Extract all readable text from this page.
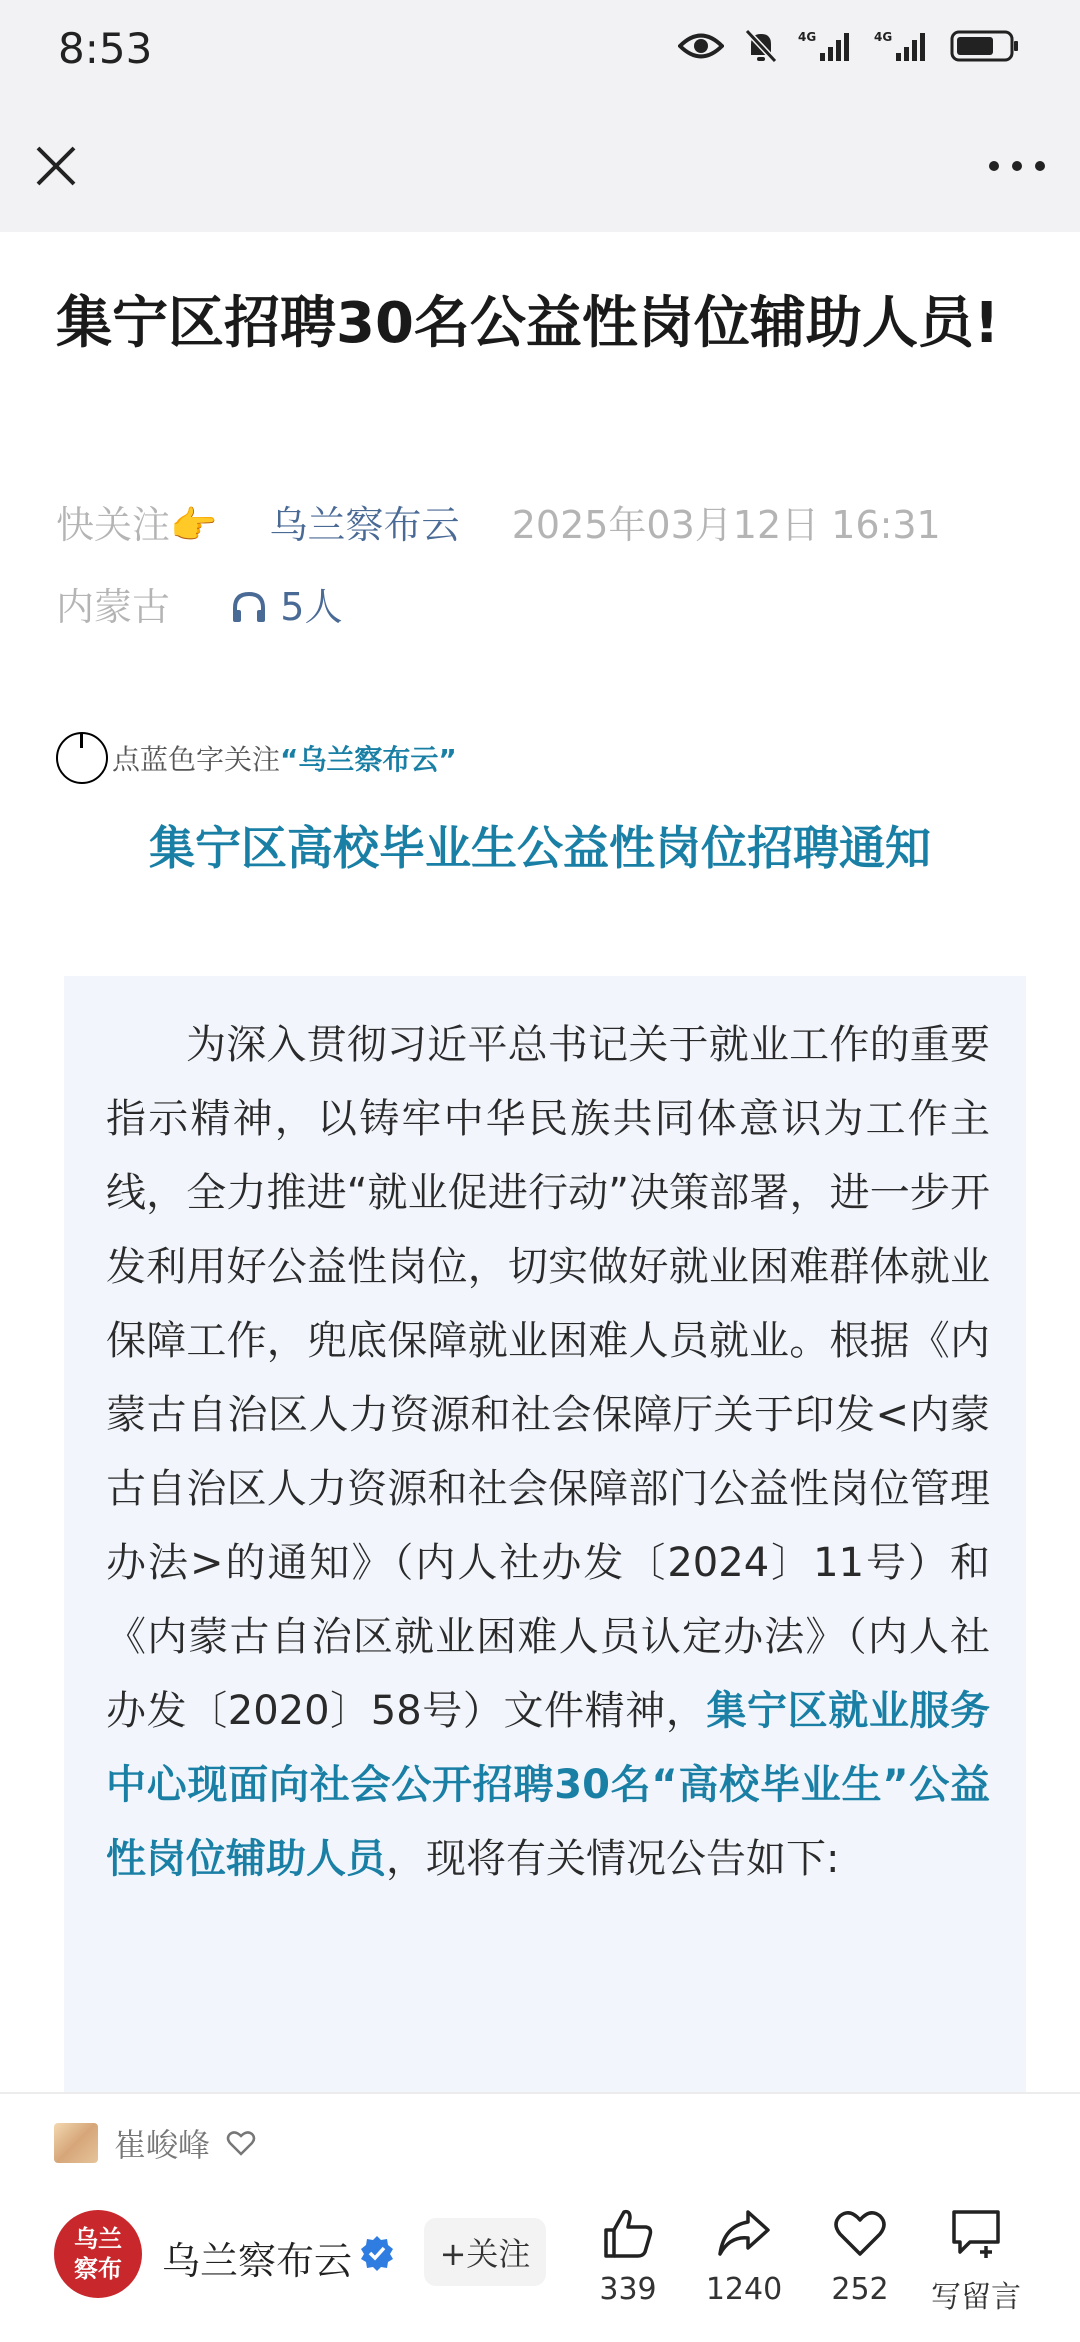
8:53	4G	4G
集宁区招聘30名公益性岗位辅助人员!
快关注👉 乌兰察布云 2025年03月12日 16:31
内蒙古	5人
点蓝色字关注 “乌兰察布云”
集宁区高校毕业生公益性岗位招聘通知
为深入贯彻习近平总书记关于就业工作的重要指示精神，以铸牢中华民族共同体意识为工作主线，全力推进“就业促进行动”决策部署，进一步开发利用好公益性岗位，切实做好就业困难群体就业保障工作，兜底保障就业困难人员就业。根据《内蒙古自治区人力资源和社会保障厅关于印发<内蒙古自治区人力资源和社会保障部门公益性岗位管理办法>的通知》（内人社办发〔2024〕11号）和《内蒙古自治区就业困难人员认定办法》（内人社办发〔2020〕58号）文件精神，集宁区就业服务中心现面向社会公开招聘30名“高校毕业生”公益性岗位辅助人员，现将有关情况公告如下:
崔峻峰
乌兰察布 乌兰察布云	+关注
339	1240	252	写留言
